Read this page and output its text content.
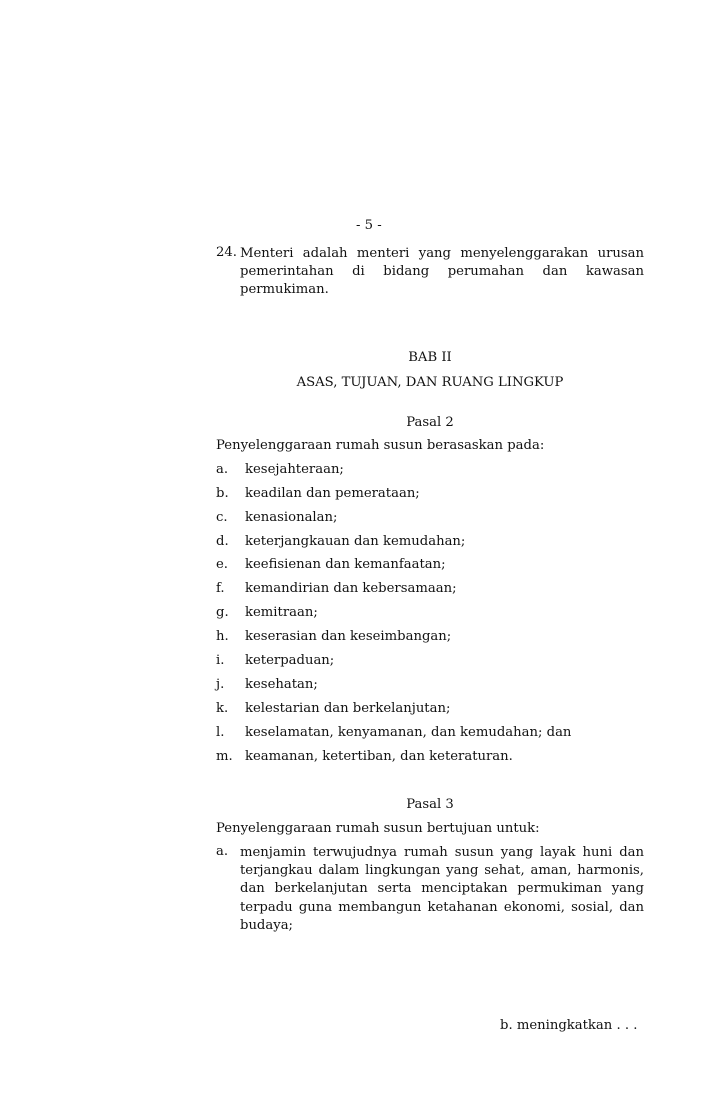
- 5 -
24. Menteri adalah menteri yang menyelenggarakan urusan pemerintahan di bidang perumahan dan kawasan permukiman.
BAB II
ASAS, TUJUAN, DAN RUANG LINGKUP
Pasal 2
Penyelenggaraan rumah susun berasaskan pada:
a. kesejahteraan;
b. keadilan dan pemerataan;
c. kenasionalan;
d. keterjangkauan dan kemudahan;
e. keefisienan dan kemanfaatan;
f. kemandirian dan kebersamaan;
g. kemitraan;
h. keserasian dan keseimbangan;
i. keterpaduan;
j. kesehatan;
k. kelestarian dan berkelanjutan;
l. keselamatan, kenyamanan, dan kemudahan; dan
m. keamanan, ketertiban, dan keteraturan.
Pasal 3
Penyelenggaraan rumah susun bertujuan untuk:
a. menjamin terwujudnya rumah susun yang layak huni dan terjangkau dalam lingkungan yang sehat, aman, harmonis, dan berkelanjutan serta menciptakan permukiman yang terpadu guna membangun ketahanan ekonomi, sosial, dan budaya;
b. meningkatkan . . .
